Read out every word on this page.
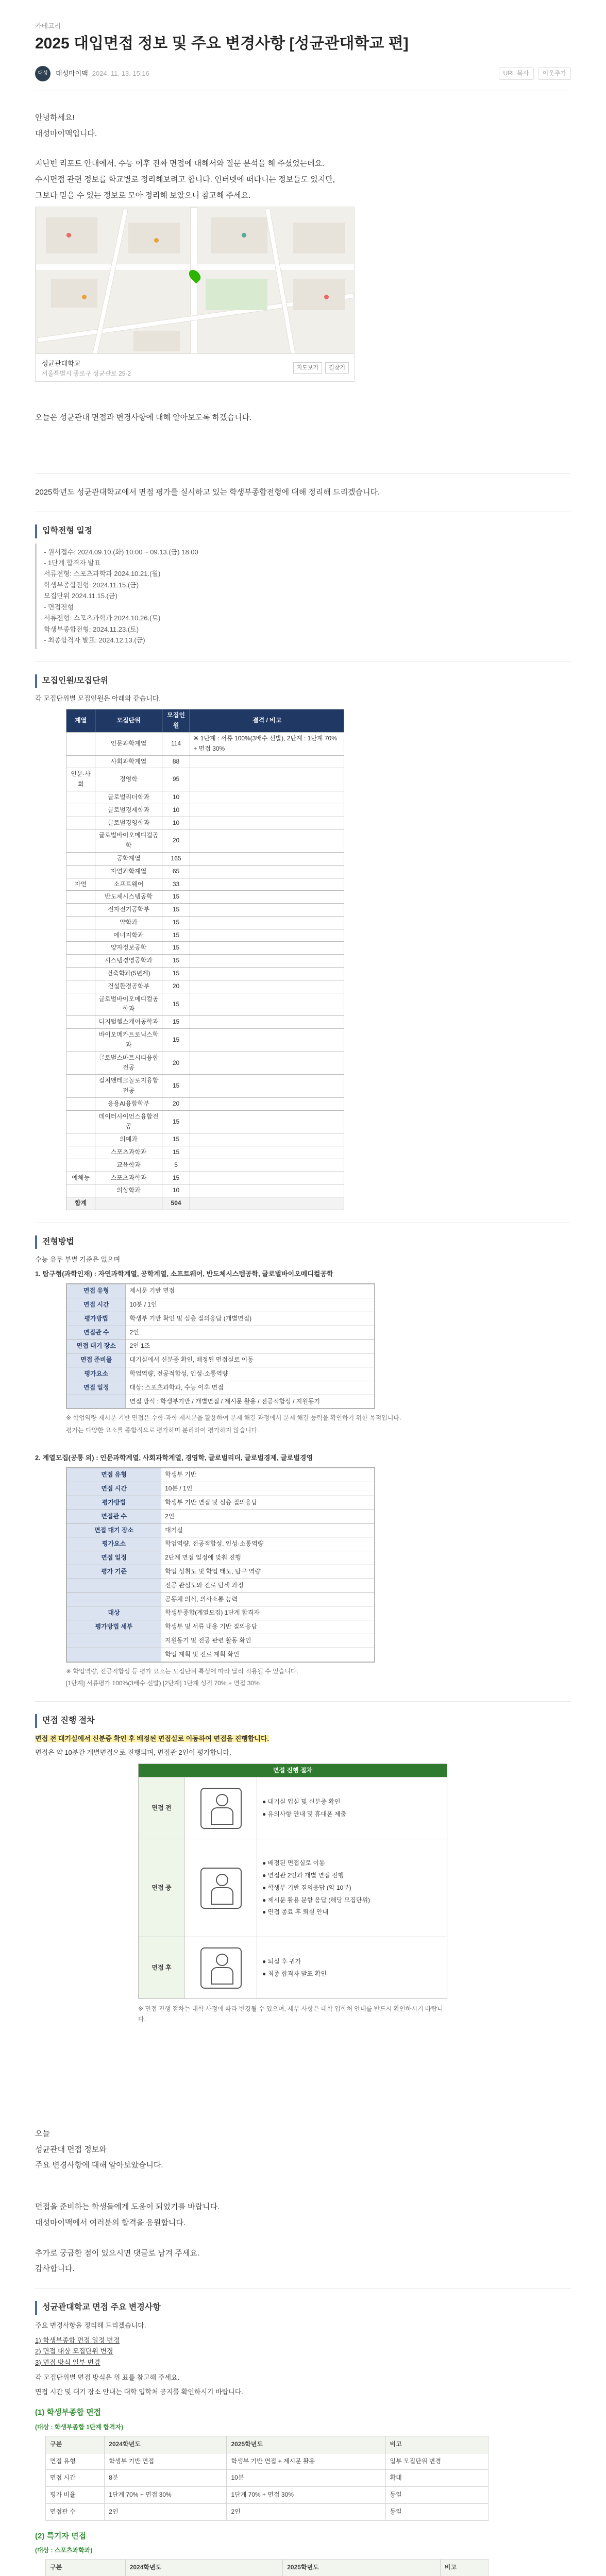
카테고리
2025 대입면접 정보 및 주요 변경사항 [성균관대학교 편]
대성	대성마이맥 2024. 11. 13. 15:16	URL 복사	이웃추가

안녕하세요!

대성마이맥입니다.

지난번 리포트 안내에서, 수능 이후 진짜 면접에 대해서와 질문 분석을 해 주셨었는데요.

수시면접 관련 정보를 학교별로 정리해보려고 합니다. 인터넷에 떠다니는 정보들도 있지만,

그보다 믿을 수 있는 정보로 모아 정리해 보았으니 참고해 주세요.

성균관대학교
서울특별시 종로구 성균관로 25-2
지도보기	길찾기

오늘은 성균관대 면접과 변경사항에 대해 알아보도록 하겠습니다.

2025학년도 성균관대학교에서 면접 평가를 실시하고 있는 학생부종합전형에 대해 정리해 드리겠습니다.

입학전형 일정
- 원서접수: 2024.09.10.(화) 10:00 ~ 09.13.(금) 18:00
- 1단계 합격자 발표
서류전형: 스포츠과학과 2024.10.21.(월)
학생부종합전형: 2024.11.15.(금)
모집단위 2024.11.15.(금)
- 면접전형
서류전형: 스포츠과학과 2024.10.26.(토)
학생부종합전형: 2024.11.23.(토)
- 최종합격자 발표: 2024.12.13.(금)
모집인원/모집단위

각 모집단위별 모집인원은 아래와 같습니다.

계열	모집단위	모집인원	결격 / 비고
	인문과학계열	114	※ 1단계 : 서류 100%(3배수 선발), 2단계 : 1단계 70% + 면접 30%
	사회과학계열	88	
인문·사회	경영학	95	
	글로벌리더학과	10	
	글로벌경제학과	10	
	글로벌경영학과	10	
	글로벌바이오메디컬공학	20	
	공학계열	165	
	자연과학계열	65	
자연	소프트웨어	33	
	반도체시스템공학	15	
	전자전기공학부	15	
	약학과	15	
	에너지학과	15	
	양자정보공학	15	
	시스템경영공학과	15	
	건축학과(5년제)	15	
	건설환경공학부	20	
	글로벌바이오메디컬공학과	15	
	디지털헬스케어공학과	15	
	바이오메카트로닉스학과	15	
	글로벌스마트시티융합전공	20	
	컬처앤테크놀로지융합전공	15	
	응용AI융합학부	20	
	데이터사이언스융합전공	15	
	의예과	15	
	스포츠과학과	15	
	교육학과	5	
예체능	스포츠과학과	15	
	의상학과	10	
합계		504	
전형방법

수능 유무 부별 기준은 없으며

1. 탐구형(과학인재) : 자연과학계열, 공학계열, 소프트웨어, 반도체시스템공학, 글로벌바이오메디컬공학

면접 유형	제시문 기반 면접
면접 시간	10분 / 1인
평가방법	학생부 기반 확인 및 심층 질의응답 (개별면접)
면접관 수	2인
면접 대기 장소	2인 1조
면접 준비물	대기실에서 신분증 확인, 배정된 면접실로 이동
평가요소	학업역량, 전공적합성, 인성·소통역량
면접 일정	대상: 스포츠과학과, 수능 이후 면접
	면접 방식 : 학생부기반 / 개별면접 / 제시문 활용 / 전공적합성 / 지원동기

※ 학업역량 제시문 기반 면접은 수학·과학 제시문을 활용하여 문제 해결 과정에서 문제 해결 능력을 확인하기 위한 목적입니다.

평가는 다양한 요소를 종합적으로 평가하며 분리하여 평가하지 않습니다.

2. 계열모집(공통 외) : 인문과학계열, 사회과학계열, 경영학, 글로벌리더, 글로벌경제, 글로벌경영

면접 유형	학생부 기반
면접 시간	10분 / 1인
평가방법	학생부 기반 면접 및 심층 질의응답
면접관 수	2인
면접 대기 장소	대기실
평가요소	학업역량, 전공적합성, 인성·소통역량
면접 일정	2단계 면접 일정에 맞춰 진행
평가 기준	학업 성취도 및 학업 태도, 탐구 역량
	전공 관심도와 진로 탐색 과정
	공동체 의식, 의사소통 능력
대상	학생부종합(계열모집) 1단계 합격자
평가방법 세부	학생부 및 서류 내용 기반 질의응답
	지원동기 및 전공 관련 활동 확인
	학업 계획 및 진로 계획 확인

※ 학업역량, 전공적합성 등 평가 요소는 모집단위 특성에 따라 달리 적용될 수 있습니다.

[1단계] 서류평가 100%(3배수 선발) [2단계] 1단계 성적 70% + 면접 30%

면접 진행 절차

면접 전 대기실에서 신분증 확인 후 배정된 면접실로 이동하여 면접을 진행합니다.

면접은 약 10분간 개별면접으로 진행되며, 면접관 2인이 평가합니다.

면접 진행 절차
면접 전
● 대기실 입실 및 신분증 확인
● 유의사항 안내 및 휴대폰 제출
면접 중
● 배정된 면접실로 이동
● 면접관 2인과 개별 면접 진행
● 학생부 기반 질의응답 (약 10분)
● 제시문 활용 문항 응답 (해당 모집단위)
● 면접 종료 후 퇴실 안내
면접 후
● 퇴실 후 귀가
● 최종 합격자 발표 확인

※ 면접 진행 절차는 대학 사정에 따라 변경될 수 있으며, 세부 사항은 대학 입학처 안내를 반드시 확인하시기 바랍니다.

오늘

성균관대 면접 정보와

주요 변경사항에 대해 알아보았습니다.

면접을 준비하는 학생들에게 도움이 되었기를 바랍니다.

대성마이맥에서 여러분의 합격을 응원합니다.

추가로 궁금한 점이 있으시면 댓글로 남겨 주세요.

감사합니다.

성균관대학교 면접 주요 변경사항

주요 변경사항을 정리해 드리겠습니다.

1) 학생부종합 면접 일정 변경
2) 면접 대상 모집단위 변경
3) 면접 방식 일부 변경

각 모집단위별 면접 방식은 위 표를 참고해 주세요.

면접 시간 및 대기 장소 안내는 대학 입학처 공지를 확인하시기 바랍니다.

(1) 학생부종합 면접
(대상 : 학생부종합 1단계 합격자)
구분	2024학년도	2025학년도	비고
면접 유형	학생부 기반 면접	학생부 기반 면접 + 제시문 활용	일부 모집단위 변경
면접 시간	8분	10분	확대
평가 비율	1단계 70% + 면접 30%	1단계 70% + 면접 30%	동일
면접관 수	2인	2인	동일
(2) 특기자 면접
(대상 : 스포츠과학과)
구분	2024학년도	2025학년도	비고
